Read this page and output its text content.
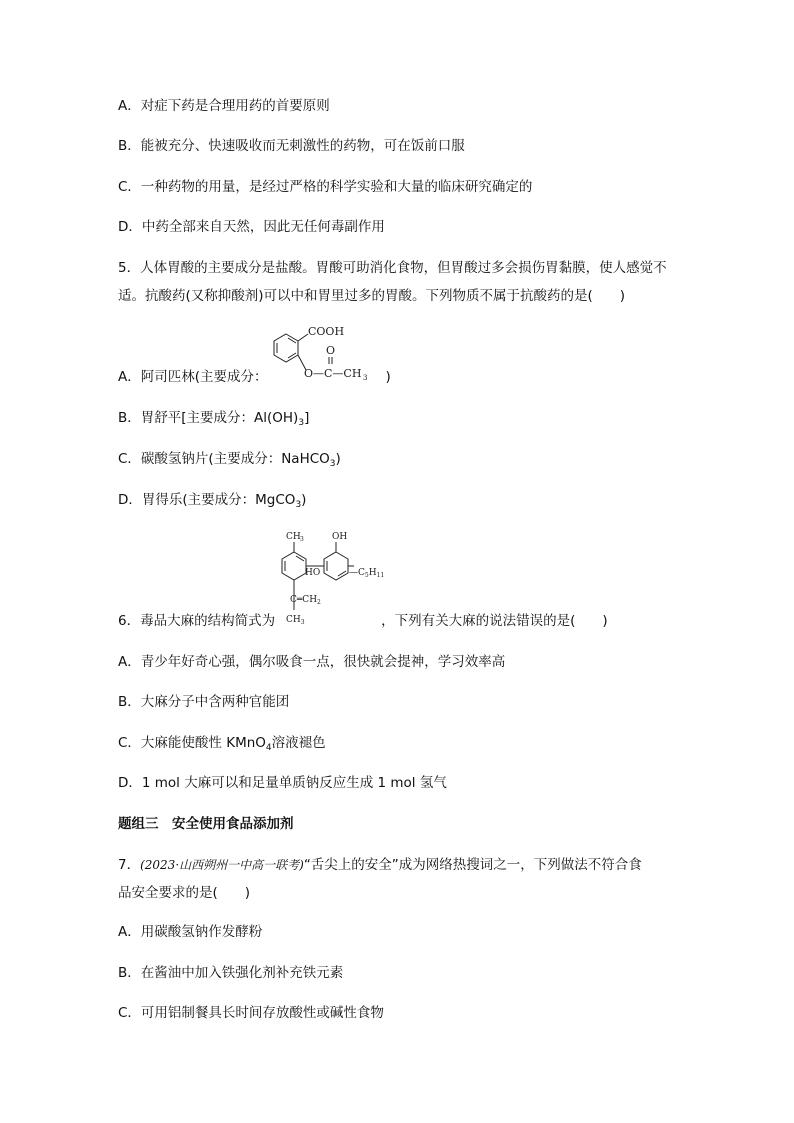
A．对症下药是合理用药的首要原则
B．能被充分、快速吸收而无刺激性的药物，可在饭前口服
C．一种药物的用量，是经过严格的科学实验和大量的临床研究确定的
D．中药全部来自天然，因此无任何毒副作用
5．人体胃酸的主要成分是盐酸。胃酸可助消化食物，但胃酸过多会损伤胃黏膜，使人感觉不
适。抗酸药(又称抑酸剂)可以中和胃里过多的胃酸。下列物质不属于抗酸药的是(　　)
COOH
O
O—C—CH 3
A．阿司匹林(主要成分：	)
B．胃舒平[主要成分：$Al(OH)_3$]
C．碳酸氢钠片(主要成分：NaHCO$_3$)
D．胃得乐(主要成分：MgCO$_3$)
CH 3	OH
HO	$—C_5H_{11}$
$C═CH_2$
$CH_3$
6．毒品大麻的结构简式为	，下列有关大麻的说法错误的是(　　)
A．青少年好奇心强，偶尔吸食一点，很快就会提神，学习效率高
B．大麻分子中含两种官能团
C．大麻能使酸性 KMnO$_4$溶液褪色
D．1 mol 大麻可以和足量单质钠反应生成 1 mol 氢气
题组三　安全使用食品添加剂
7．(2023·山西朔州一中高一联考)“舌尖上的安全”成为网络热搜词之一，下列做法不符合食
品安全要求的是(　　)
A．用碳酸氢钠作发酵粉
B．在酱油中加入铁强化剂补充铁元素
C．可用铝制餐具长时间存放酸性或碱性食物
